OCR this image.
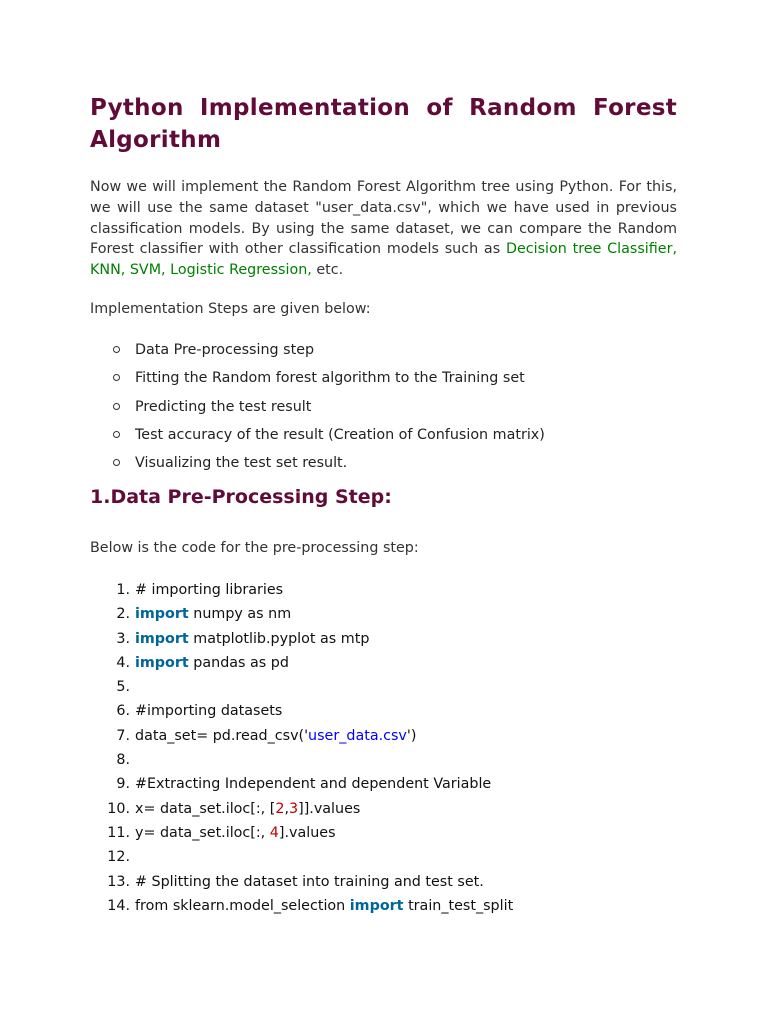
Python Implementation of Random Forest Algorithm

Now we will implement the Random Forest Algorithm tree using Python. For this, we will use the same dataset "user_data.csv", which we have used in previous classification models. By using the same dataset, we can compare the Random Forest classifier with other classification models such as Decision tree Classifier, KNN, SVM, Logistic Regression, etc.

Implementation Steps are given below:

Data Pre-processing step
Fitting the Random forest algorithm to the Training set
Predicting the test result
Test accuracy of the result (Creation of Confusion matrix)
Visualizing the test set result.
1.Data Pre-Processing Step:

Below is the code for the pre-processing step:

1. # importing libraries
2. import numpy as nm
3. import matplotlib.pyplot as mtp
4. import pandas as pd
5.
6. #importing datasets
7. data_set= pd.read_csv('user_data.csv')
8.
9. #Extracting Independent and dependent Variable
10. x= data_set.iloc[:, [2,3]].values
11. y= data_set.iloc[:, 4].values
12.
13. # Splitting the dataset into training and test set.
14. from sklearn.model_selection import train_test_split
